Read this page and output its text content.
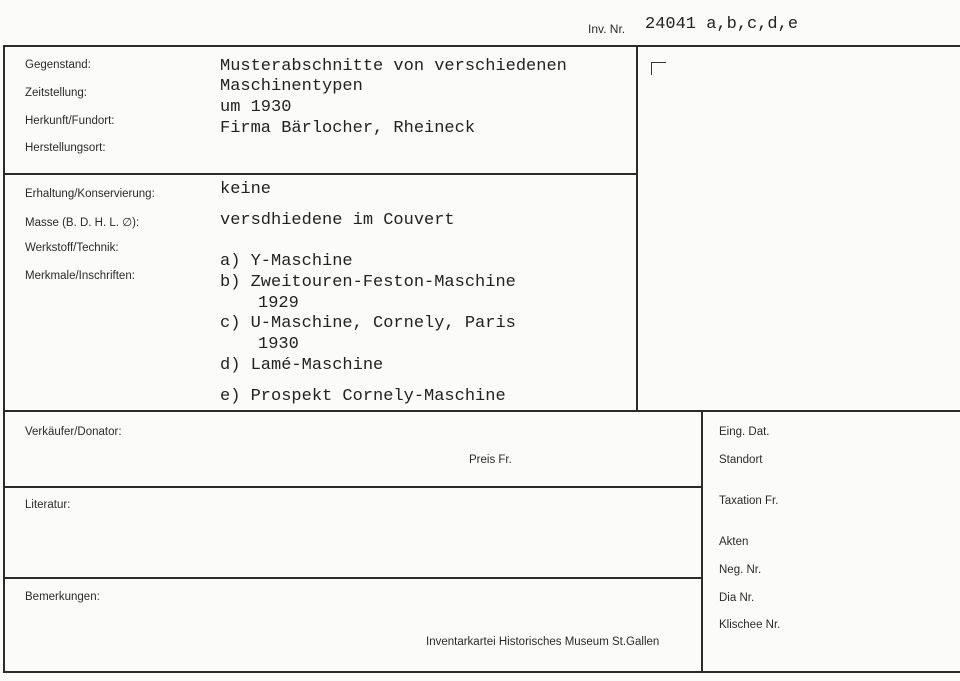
Inv. Nr. 24041 a,b,c,d,e
Gegenstand:
Zeitstellung:
Herkunft/Fundort:
Herstellungsort:
Erhaltung/Konservierung:
Masse (B. D. H. L. ∅):
Werkstoff/Technik:
Merkmale/Inschriften:
Musterabschnitte von verschiedenen
Maschinentypen
um 1930
Firma Bärlocher, Rheineck
keine
versdhiedene im Couvert
a) Y-Maschine
b) Zweitouren-Feston-Maschine
1929
c) U-Maschine, Cornely, Paris
1930
d) Lamé-Maschine
e) Prospekt Cornely-Maschine
Verkäufer/Donator:
Preis Fr.
Literatur:
Bemerkungen:
Inventarkartei Historisches Museum St.Gallen
Eing. Dat.
Standort
Taxation Fr.
Akten
Neg. Nr.
Dia Nr.
Klischee Nr.
